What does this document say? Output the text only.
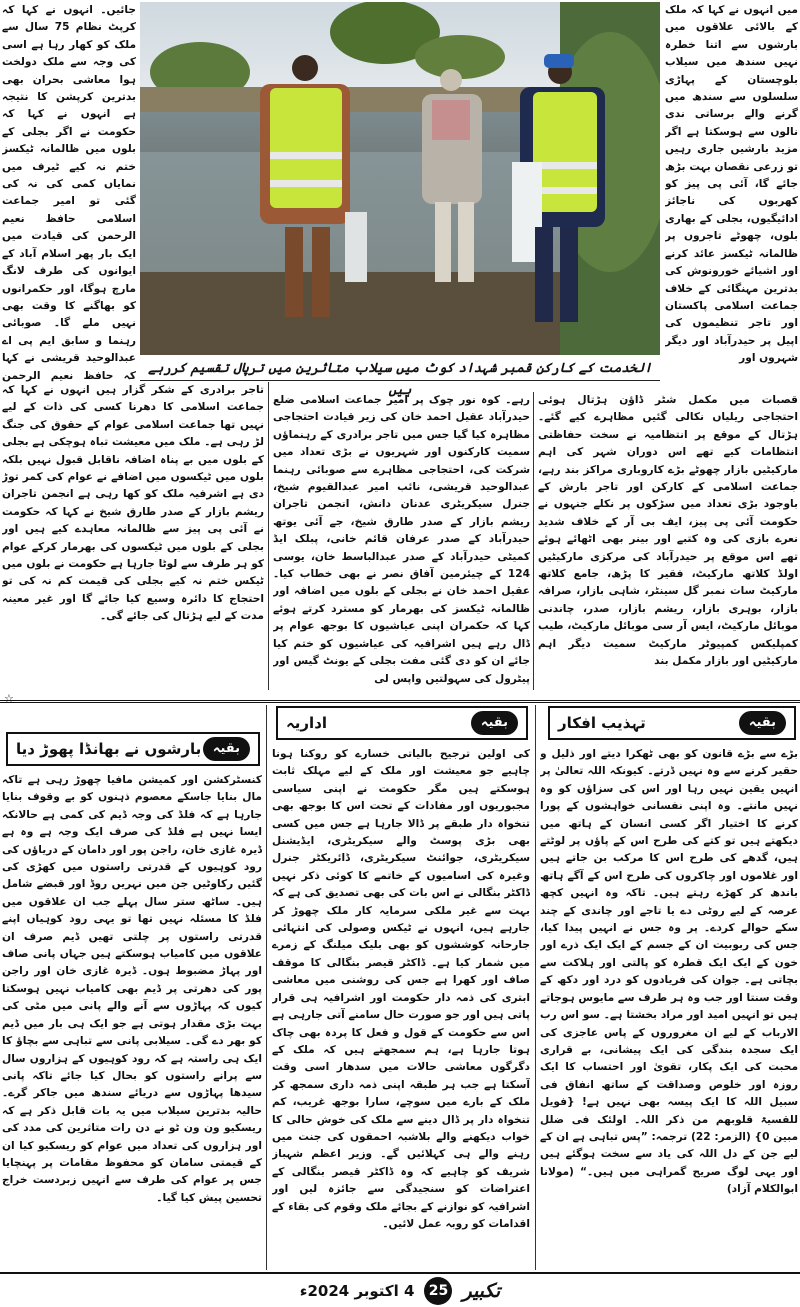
الخدمت کے کارکن قمبر شہداد کوٹ میں سیلاب متاثرین میں ترپال تقسیم کررہے ہیں
میں انہوں نے کہا کہ ملک کے بالائی علاقوں میں بارشوں سے اتنا خطرہ نہیں سندھ میں سیلاب بلوچستان کے پہاڑی سلسلوں سے سندھ میں گرنے والے برساتی ندی نالوں سے ہوسکتا ہے اگر مزید بارشیں جاری رہیں تو زرعی نقصان بہت بڑھ جائے گا، آئی پی پیز کو کھربوں کی ناجائز ادائیگیوں، بجلی کے بھاری بلوں، چھوٹے تاجروں پر ظالمانہ ٹیکسز عائد کرنے اور اشیائے خورونوش کی بدترین مہنگائی کے خلاف جماعت اسلامی پاکستان اور تاجر تنظیموں کی اپیل پر حیدرآباد اور دیگر شہروں اور
جائیں۔ انہوں نے کہا کہ کرپٹ نظام 75 سال سے ملک کو کھار رہا ہے اسی کی وجہ سے ملک دولخت ہوا معاشی بحران بھی بدترین کرپشن کا نتیجہ ہے انہوں نے کہا کہ حکومت نے اگر بجلی کے بلوں میں ظالمانہ ٹیکسز ختم نہ کیے ٹیرف میں نمایاں کمی کی نہ کی گئی تو امیر جماعت اسلامی حافظ نعیم الرحمن کی قیادت میں ایک بار پھر اسلام آباد کے ایوانوں کی طرف لانگ مارچ ہوگا، اور حکمرانوں کو بھاگنے کا وقت بھی نہیں ملے گا۔ صوبائی رہنما و سابق ایم پی اے عبدالوحید قریشی نے کہا کہ حافظ نعیم الرحمن
قصبات میں مکمل شٹر ڈاؤن ہڑتال ہوئی احتجاجی ریلیاں نکالی گئیں مظاہرے کیے گئے۔ ہڑتال کے موقع پر انتظامیہ نے سخت حفاظتی انتظامات کیے تھے اس دوران شہر کی اہم مارکیٹیں بازار چھوٹے بڑے کاروباری مراکز بند رہے، جماعت اسلامی کے کارکن اور تاجر بارش کے باوجود بڑی تعداد میں سڑکوں پر نکلے جنہوں نے حکومت آئی پی پیز، ایف بی آر کے خلاف شدید نعرے بازی کی وہ کتبے اور بینر بھی اٹھائے ہوئے تھے اس موقع پر حیدرآباد کی مرکزی مارکیٹیں اولڈ کلاتھ مارکیٹ، فقیر کا پڑھ، جامع کلاتھ مارکیٹ سات نمبر گل سینٹر، شاہی بازار، صرافہ بازار، بوہری بازار، ریشم بازار، صدر، چاندنی موبائل مارکیٹ، ایس آر سی موبائل مارکیٹ، طیب کمپلیکس کمپیوٹر مارکیٹ سمیت دیگر اہم مارکیٹیں اور بازار مکمل بند
رہے۔ کوہ نور چوک پر امیر جماعت اسلامی ضلع حیدرآباد عقیل احمد خان کی زیر قیادت احتجاجی مظاہرہ کیا گیا جس میں تاجر برادری کے رہنماؤں سمیت کارکنوں اور شہریوں نے بڑی تعداد میں شرکت کی، احتجاجی مظاہرے سے صوبائی رہنما عبدالوحید قریشی، نائب امیر عبدالقیوم شیخ، جنرل سیکریٹری عدنان دانش، انجمن تاجران ریشم بازار کے صدر طارق شیخ، جے آئی یوتھ حیدرآباد کے صدر عرفان قائم خانی، پبلک ایڈ کمیٹی حیدرآباد کے صدر عبدالباسط خان، یوسی 124 کے چیئرمین آفاق نصر نے بھی خطاب کیا۔ عقیل احمد خان نے بجلی کے بلوں میں اضافہ اور ظالمانہ ٹیکسز کی بھرمار کو مسترد کرتے ہوئے کہا کہ حکمران اپنی عیاشیوں کا بوجھ عوام پر ڈال رہے ہیں اشرافیہ کی عیاشیوں کو ختم کیا جائے ان کو دی گئی مفت بجلی کے یونٹ گیس اور پیٹرول کی سہولتیں واپس لی
تاجر برادری کے شکر گزار ہیں انہوں نے کہا کہ جماعت اسلامی کا دھرنا کسی کی ذات کے لیے نہیں تھا جماعت اسلامی عوام کے حقوق کی جنگ لڑ رہی ہے۔ ملک میں معیشت تباہ ہوچکی ہے بجلی کے بلوں میں بے پناہ اضافہ ناقابل قبول نہیں بلکہ بلوں میں ٹیکسوں میں اضافے نے عوام کی کمر توڑ دی ہے اشرفیہ ملک کو کھا رہی ہے انجمن تاجران ریشم بازار کے صدر طارق شیخ نے کہا کہ حکومت نے آئی پی پیز سے ظالمانہ معاہدے کیے ہیں اور بجلی کے بلوں میں ٹیکسوں کی بھرمار کرکے عوام کو ہر طرف سے لوٹا جارہا ہے حکومت نے بلوں میں ٹیکس ختم نہ کیے بجلی کی قیمت کم نہ کی تو احتجاج کا دائرہ وسیع کیا جائے گا اور غیر معینہ مدت کے لیے ہڑتال کی جائے گی۔
☆
بقیہ
تہذیب افکار
بڑے سے بڑے قانون کو بھی ٹھکرا دیتے اور ذلیل و حقیر کرنے سے وہ نہیں ڈرتے۔ کیونکہ اللہ تعالیٰ پر انہیں یقین نہیں رہا اور اس کی سزاؤں کو وہ نہیں مانتے۔ وہ اپنی نفسانی خواہشوں کے پورا کرنے کا اختیار اگر کسی انسان کے ہاتھ میں دیکھتے ہیں تو کتے کی طرح اس کے پاؤں پر لوٹتے ہیں، گدھے کی طرح اس کا مرکب بن جاتے ہیں اور غلاموں اور چاکروں کی طرح اس کے آگے ہاتھ باندھ کر کھڑے رہتے ہیں۔ تاکہ وہ انہیں کچھ عرصہ کے لیے روٹی دے یا تاجے اور چاندی کے چند سکے حوالے کردے۔ پر وہ جس نے انہیں پیدا کیا، جس کی ربوبیت ان کے جسم کے ایک ایک ذرے اور خون کے ایک ایک قطرہ کو پالتی اور ہلاکت سے بچاتی ہے۔ جوان کی فریادوں کو درد اور دکھ کے وقت سنتا اور جب وہ ہر طرف سے مایوس ہوجاتے ہیں تو انہیں امید اور مراد بخشتا ہے۔ سو اس رب الارباب کے لیے ان مغروروں کے پاس عاجزی کی ایک سجدہ بندگی کی ایک پیشانی، بے قراری محبت کی ایک پکار، تقویٰ اور احتساب کا ایک روزہ اور خلوص وصداقت کے ساتھ انفاق فی سبیل اللہ کا ایک پیسہ بھی نہیں ہے! {فویل للقسیۃ قلوبھم من ذکر اللہ۔ اولئک فی ضلل مبین 0} (الزمر: 22) ترجمہ: ”پس تباہی ہے ان کے لیے جن کے دل اللہ کی یاد سے سخت ہوگئے ہیں اور یہی لوگ صریح گمراہی میں ہیں۔“ (مولانا ابوالکلام آزاد)
بقیہ
اداریہ
کی اولین ترجیح بالیاتی خسارے کو روکنا ہونا چاہیے جو معیشت اور ملک کے لیے مہلک ثابت ہوسکتے ہیں مگر حکومت نے اپنی سیاسی مجبوریوں اور مفادات کے تحت اس کا بوجھ بھی تنخواہ دار طبقے پر ڈالا جارہا ہے جس میں کسی بھی بڑی پوسٹ والے سیکریٹری، ایڈیشنل سیکریٹری، جوائنٹ سیکریٹری، ڈائریکٹر جنرل وغیرہ کی اسامیوں کے خاتمے کا کوئی ذکر نہیں ڈاکٹر بنگالی نے اس بات کی بھی تصدیق کی ہے کہ بہت سے غیر ملکی سرمایہ کار ملک چھوڑ کر جارہے ہیں، انہوں نے ٹیکس وصولی کی انتہائی جارحانہ کوششوں کو بھی بلیک میلنگ کے زمرے میں شمار کیا ہے۔ ڈاکٹر قیصر بنگالی کا موقف صاف اور کھرا ہے جس کی روشنی میں معاشی ابتری کی ذمہ دار حکومت اور اشرافیہ ہی قرار پاتی ہیں اور جو صورت حال سامنے آتی جارہی ہے اس سے حکومت کے قول و فعل کا پردہ بھی چاک ہوتا جارہا ہے، ہم سمجھتے ہیں کہ ملک کے دگرگوں معاشی حالات میں سدھار اسی وقت آسکتا ہے جب ہر طبقہ اپنی ذمہ داری سمجھ کر ملک کے بارے میں سوچے، سارا بوجھ غریب، کم تنخواہ دار پر ڈال دینے سے ملک کی خوش حالی کا خواب دیکھنے والے بلاشبہ احمقوں کی جنت میں رہنے والے ہی کہلائیں گے۔ وزیر اعظم شہباز شریف کو چاہیے کہ وہ ڈاکٹر قیصر بنگالی کے اعتراضات کو سنجیدگی سے جائزہ لیں اور اشرافیہ کو نوازنے کے بجائے ملک وقوم کی بقاء کے اقدامات کو روبہ عمل لائیں۔
بقیہ
بارشوں نے بھانڈا پھوڑ دیا
کنسٹرکشن اور کمیشن مافیا چھوڑ رہی ہے تاکہ مال بنایا جاسکے معصوم ذہنوں کو بے وقوف بنایا جارہا ہے کہ فلڈ کی وجہ ڈیم کی کمی ہے حالانکہ ایسا نہیں ہے فلڈ کی صرف ایک وجہ ہے وہ ہے ڈیرہ غازی خان، راجن پور اور دامان کے دریاؤں کی رود کوہیوں کے قدرتی راستوں میں کھڑی کی گئیں رکاوٹیں جن میں نہریں روڈ اور قبضے شامل ہیں۔ ساٹھ ستر سال پہلے جب ان علاقوں میں فلڈ کا مسئلہ نہیں تھا تو یہی رود کوہیاں اپنے قدرتی راستوں پر چلتی تھیں ڈیم صرف ان علاقوں میں کامیاب ہوسکتے ہیں جہاں پانی صاف اور پہاڑ مضبوط ہوں۔ ڈیرہ غازی خان اور راجن پور کی دھرتی پر ڈیم بھی کامیاب نہیں ہوسکتا کیوں کہ پہاڑوں سے آنے والے پانی میں مٹی کی بہت بڑی مقدار ہوتی ہے جو ایک ہی بار میں ڈیم کو بھر دے گی۔ سیلابی پانی سے تباہی سے بچاؤ کا ایک ہی راستہ ہے کہ رود کوہیوں کے ہزاروں سال سے پرانے راستوں کو بحال کیا جائے تاکہ پانی سیدھا پہاڑوں سے دریائے سندھ میں جاکر گرے۔ حالیہ بدترین سیلاب میں یہ بات قابل ذکر ہے کہ ریسکیو ون ون ٹو نے دن رات متاثرین کی مدد کی اور ہزاروں کی تعداد میں عوام کو ریسکیو کیا ان کے قیمتی سامان کو محفوظ مقامات پر پہنچایا جس پر عوام کی طرف سے انہیں زبردست خراج تحسین پیش کیا گیا۔
4 اکتوبر 2024ء	25 تکبیر
